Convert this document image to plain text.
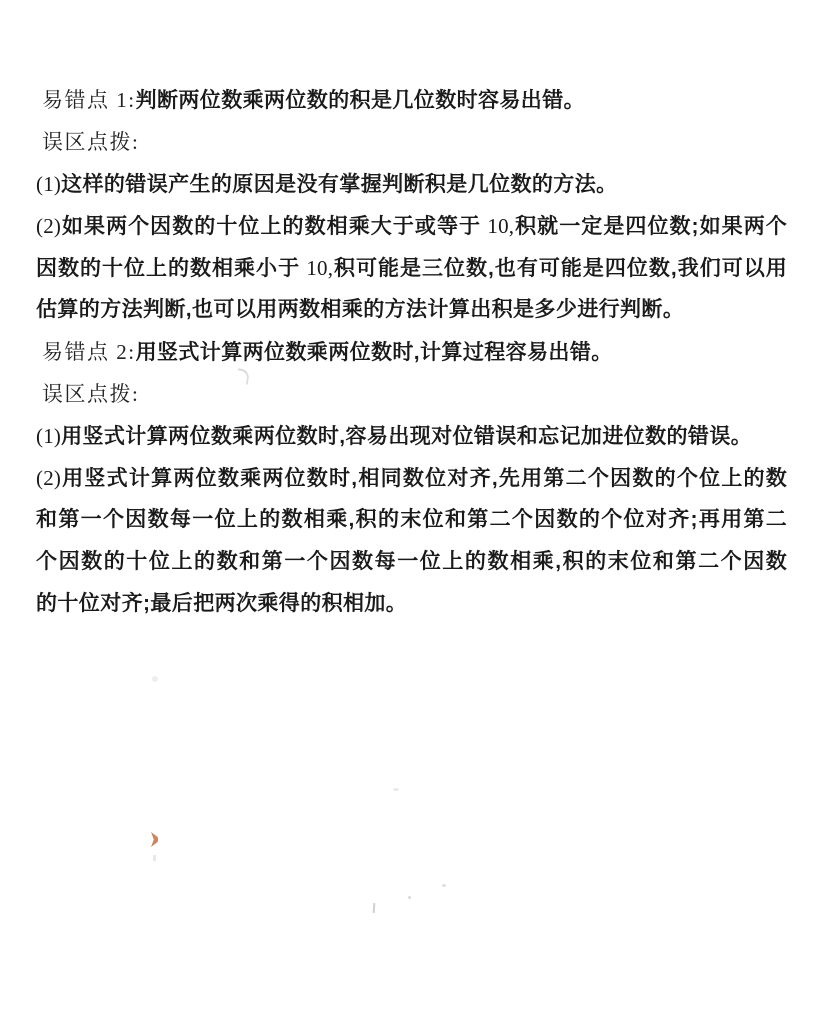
易错点 1:判断两位数乘两位数的积是几位数时容易出错。
误区点拨:
(1)这样的错误产生的原因是没有掌握判断积是几位数的方法。
(2)如果两个因数的十位上的数相乘大于或等于 10,积就一定是四位数;如果两个
因数的十位上的数相乘小于 10,积可能是三位数,也有可能是四位数,我们可以用
估算的方法判断,也可以用两数相乘的方法计算出积是多少进行判断。
易错点 2:用竖式计算两位数乘两位数时,计算过程容易出错。
误区点拨:
(1)用竖式计算两位数乘两位数时,容易出现对位错误和忘记加进位数的错误。
(2)用竖式计算两位数乘两位数时,相同数位对齐,先用第二个因数的个位上的数
和第一个因数每一位上的数相乘,积的末位和第二个因数的个位对齐;再用第二
个因数的十位上的数和第一个因数每一位上的数相乘,积的末位和第二个因数
的十位对齐;最后把两次乘得的积相加。
